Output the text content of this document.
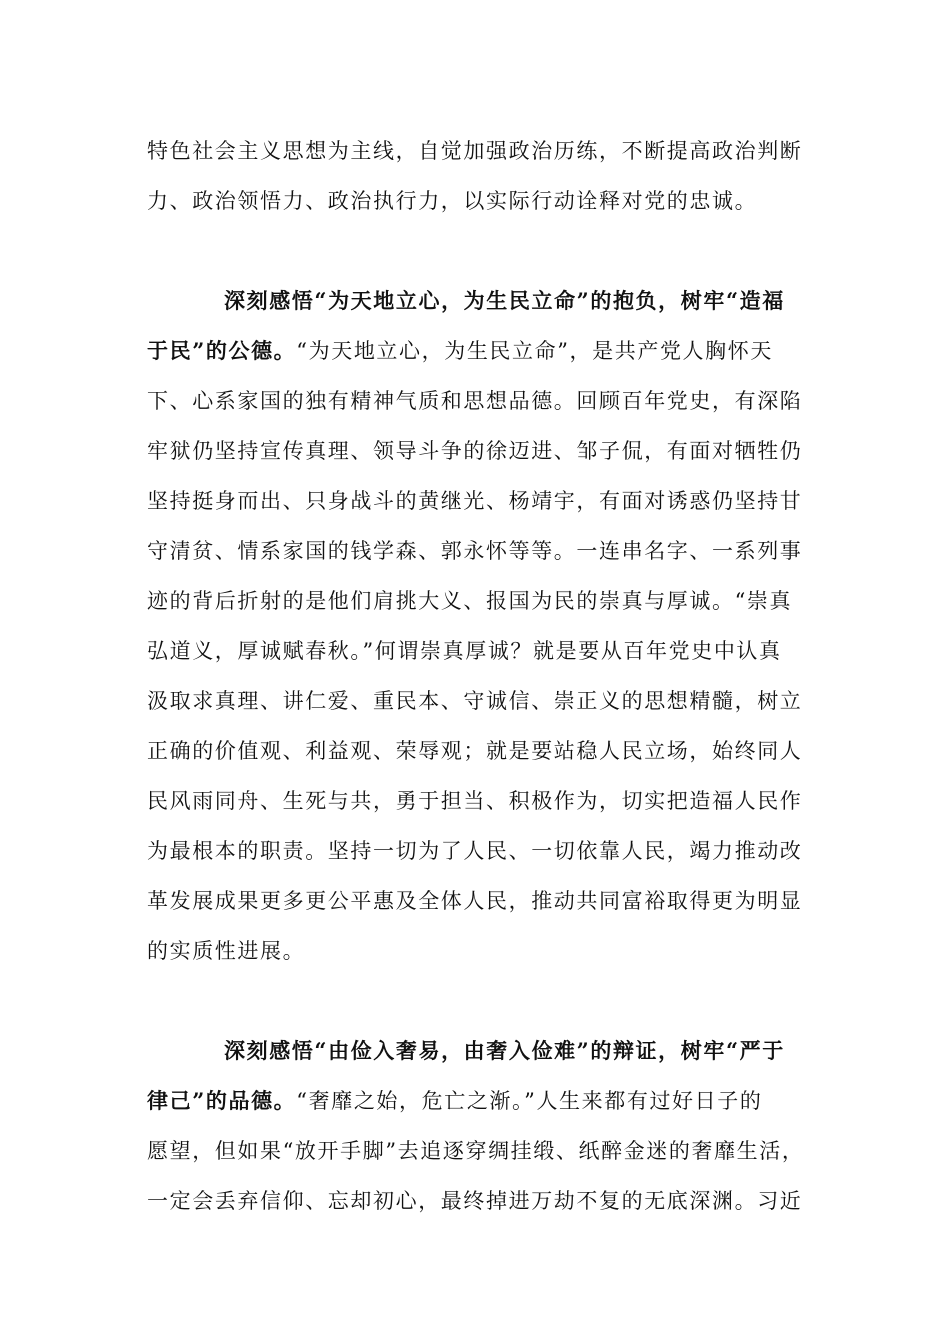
特色社会主义思想为主线，自觉加强政治历练，不断提高政治判断
力、政治领悟力、政治执行力，以实际行动诠释对党的忠诚。
深刻感悟“为天地立心，为生民立命”的抱负，树牢“造福
于民”的公德。“为天地立心，为生民立命”，是共产党人胸怀天
下、心系家国的独有精神气质和思想品德。回顾百年党史，有深陷
牢狱仍坚持宣传真理、领导斗争的徐迈进、邹子侃，有面对牺牲仍
坚持挺身而出、只身战斗的黄继光、杨靖宇，有面对诱惑仍坚持甘
守清贫、情系家国的钱学森、郭永怀等等。一连串名字、一系列事
迹的背后折射的是他们肩挑大义、报国为民的崇真与厚诚。“崇真
弘道义，厚诚赋春秋。”何谓崇真厚诚？就是要从百年党史中认真
汲取求真理、讲仁爱、重民本、守诚信、崇正义的思想精髓，树立
正确的价值观、利益观、荣辱观；就是要站稳人民立场，始终同人
民风雨同舟、生死与共，勇于担当、积极作为，切实把造福人民作
为最根本的职责。坚持一切为了人民、一切依靠人民，竭力推动改
革发展成果更多更公平惠及全体人民，推动共同富裕取得更为明显
的实质性进展。
深刻感悟“由俭入奢易，由奢入俭难”的辩证，树牢“严于
律己”的品德。“奢靡之始，危亡之渐。”人生来都有过好日子的
愿望，但如果“放开手脚”去追逐穿绸挂缎、纸醉金迷的奢靡生活，
一定会丢弃信仰、忘却初心，最终掉进万劫不复的无底深渊。习近
